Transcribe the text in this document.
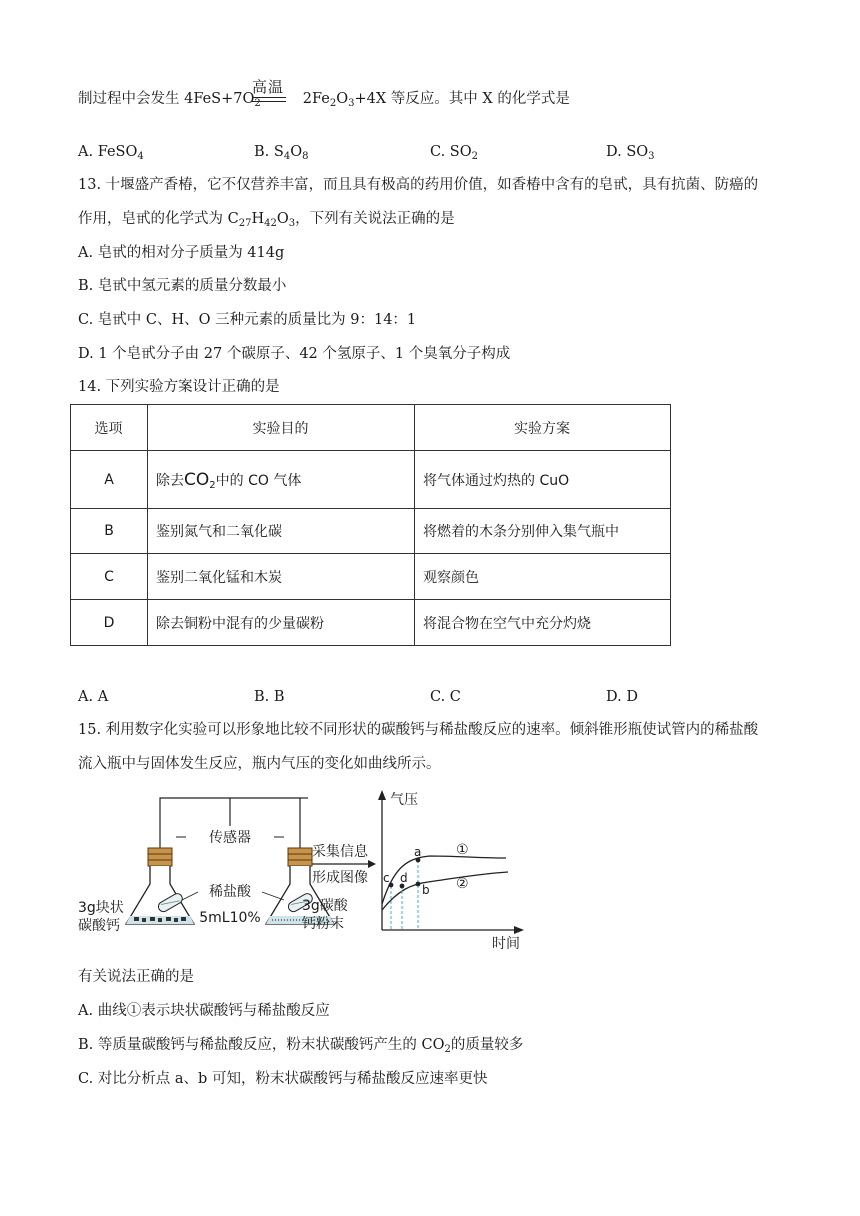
高温
制过程中会发生 $4FeS+7O_2$	$2Fe_2O_3+4X$ 等反应。其中 X 的化学式是
A. FeSO$_4$	B. $S_4O_8$	C. $SO_2$	D. $SO_3$
13. 十堰盛产香椿，它不仅营养丰富，而且具有极高的药用价值，如香椿中含有的皂甙，具有抗菌、防癌的
作用，皂甙的化学式为 $C_{27}H_{42}O_3$，下列有关说法正确的是
A. 皂甙的相对分子质量为 414g
B. 皂甙中氢元素的质量分数最小
C. 皂甙中 C、H、O 三种元素的质量比为 9：14：1
D. 1 个皂甙分子由 27 个碳原子、42 个氢原子、1 个臭氧分子构成
14. 下列实验方案设计正确的是
选项	实验目的	实验方案
A	除去$CO_2$中的 CO 气体	将气体通过灼热的 CuO
B	鉴别氮气和二氧化碳	将燃着的木条分别伸入集气瓶中
C	鉴别二氧化锰和木炭	观察颜色
D	除去铜粉中混有的少量碳粉	将混合物在空气中充分灼烧
A. A	B. B	C. C	D. D
15. 利用数字化实验可以形象地比较不同形状的碳酸钙与稀盐酸反应的速率。倾斜锥形瓶使试管内的稀盐酸
流入瓶中与固体发生反应，瓶内气压的变化如曲线所示。
传感器
稀盐酸
5mL10%
3g块状
碳酸钙
3g碳酸
钙粉末
采集信息
形成图像
气压
时间
a
b
c d
①
②
有关说法正确的是
A. 曲线①表示块状碳酸钙与稀盐酸反应
B. 等质量碳酸钙与稀盐酸反应，粉末状碳酸钙产生的 $CO_2$的质量较多
C. 对比分析点 a、b 可知，粉末状碳酸钙与稀盐酸反应速率更快
